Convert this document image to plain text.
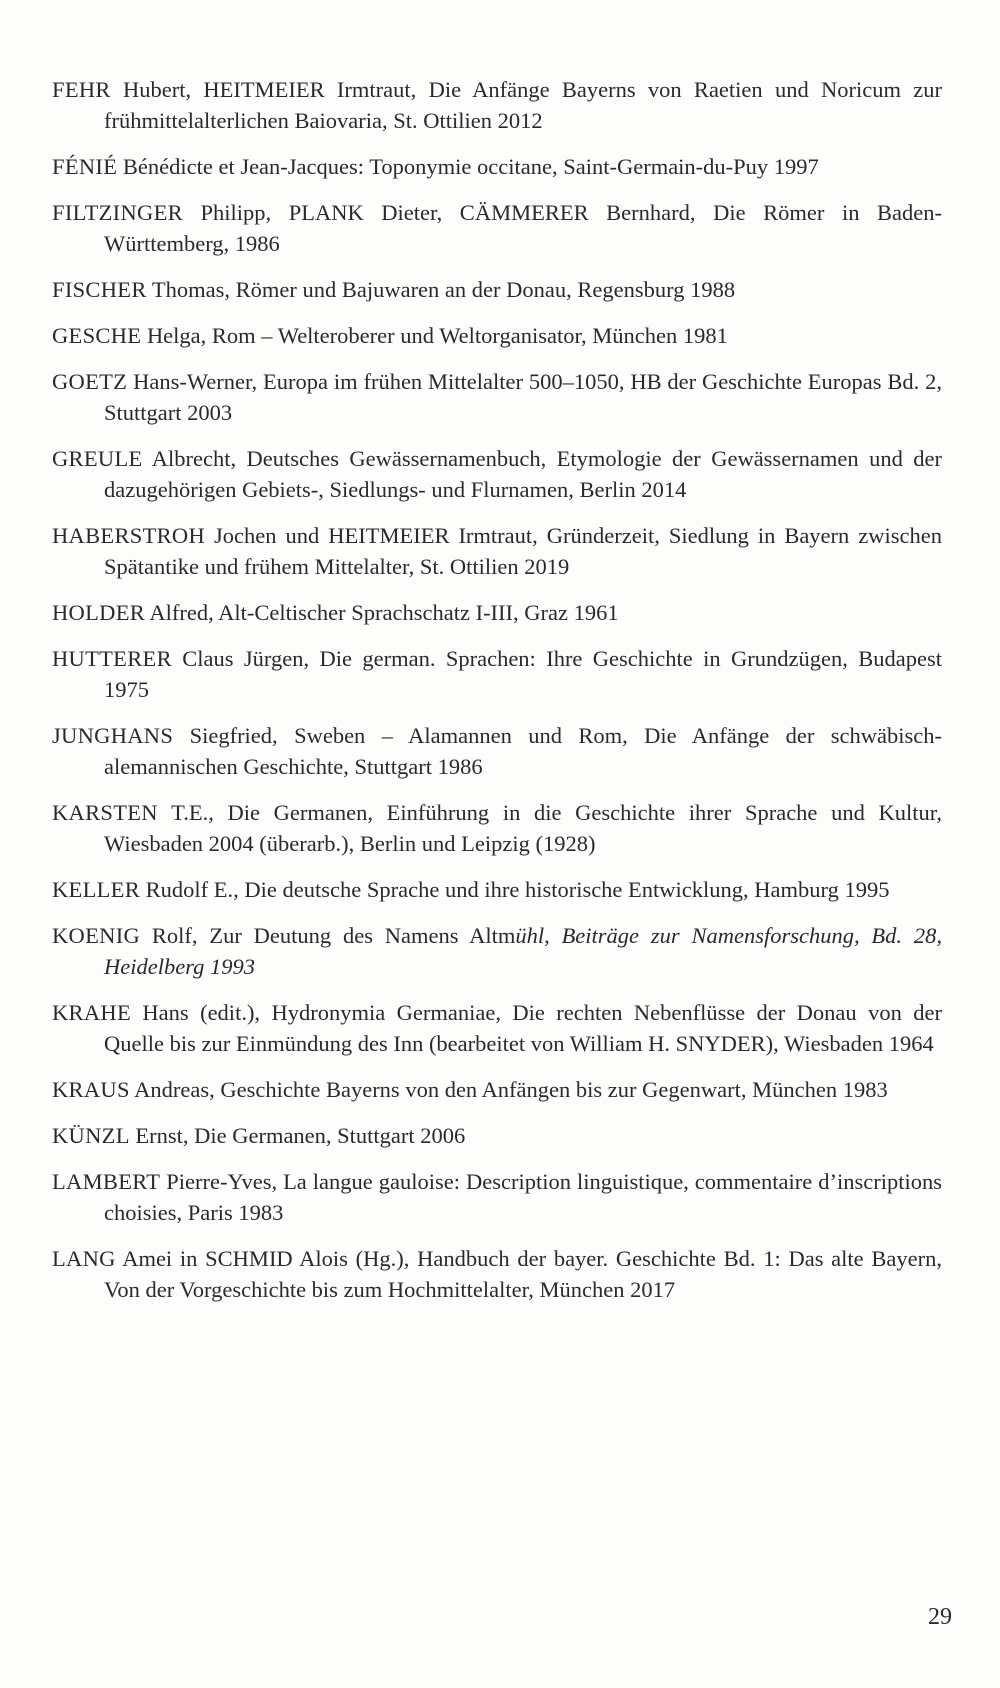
FEHR Hubert, HEITMEIER Irmtraut, Die Anfänge Bayerns von Raetien und Noricum zur frühmittelalterlichen Baiovaria, St. Ottilien 2012
FÉNIÉ Bénédicte et Jean-Jacques: Toponymie occitane, Saint-Germain-du-Puy 1997
FILTZINGER Philipp, PLANK Dieter, CÄMMERER Bernhard, Die Römer in Baden-Württemberg, 1986
FISCHER Thomas, Römer und Bajuwaren an der Donau, Regensburg 1988
GESCHE Helga, Rom – Welteroberer und Weltorganisator, München 1981
GOETZ Hans-Werner, Europa im frühen Mittelalter 500–1050, HB der Geschichte Europas Bd. 2, Stuttgart 2003
GREULE Albrecht, Deutsches Gewässernamenbuch, Etymologie der Gewässernamen und der dazugehörigen Gebiets-, Siedlungs- und Flurnamen, Berlin 2014
HABERSTROH Jochen und HEITMEIER Irmtraut, Gründerzeit, Siedlung in Bayern zwischen Spätantike und frühem Mittelalter, St. Ottilien 2019
HOLDER Alfred, Alt-Celtischer Sprachschatz I-III, Graz 1961
HUTTERER Claus Jürgen, Die german. Sprachen: Ihre Geschichte in Grundzügen, Budapest 1975
JUNGHANS Siegfried, Sweben – Alamannen und Rom, Die Anfänge der schwäbisch-alemannischen Geschichte, Stuttgart 1986
KARSTEN T.E., Die Germanen, Einführung in die Geschichte ihrer Sprache und Kultur, Wiesbaden 2004 (überarb.), Berlin und Leipzig (1928)
KELLER Rudolf E., Die deutsche Sprache und ihre historische Entwicklung, Hamburg 1995
KOENIG Rolf, Zur Deutung des Namens Altmühl, Beiträge zur Namensforschung, Bd. 28, Heidelberg 1993
KRAHE Hans (edit.), Hydronymia Germaniae, Die rechten Nebenflüsse der Donau von der Quelle bis zur Einmündung des Inn (bearbeitet von William H. SNYDER), Wiesbaden 1964
KRAUS Andreas, Geschichte Bayerns von den Anfängen bis zur Gegenwart, München 1983
KÜNZL Ernst, Die Germanen, Stuttgart 2006
LAMBERT Pierre-Yves, La langue gauloise: Description linguistique, commentaire d’inscriptions choisies, Paris 1983
LANG Amei in SCHMID Alois (Hg.), Handbuch der bayer. Geschichte Bd. 1: Das alte Bayern, Von der Vorgeschichte bis zum Hochmittelalter, München 2017
29
